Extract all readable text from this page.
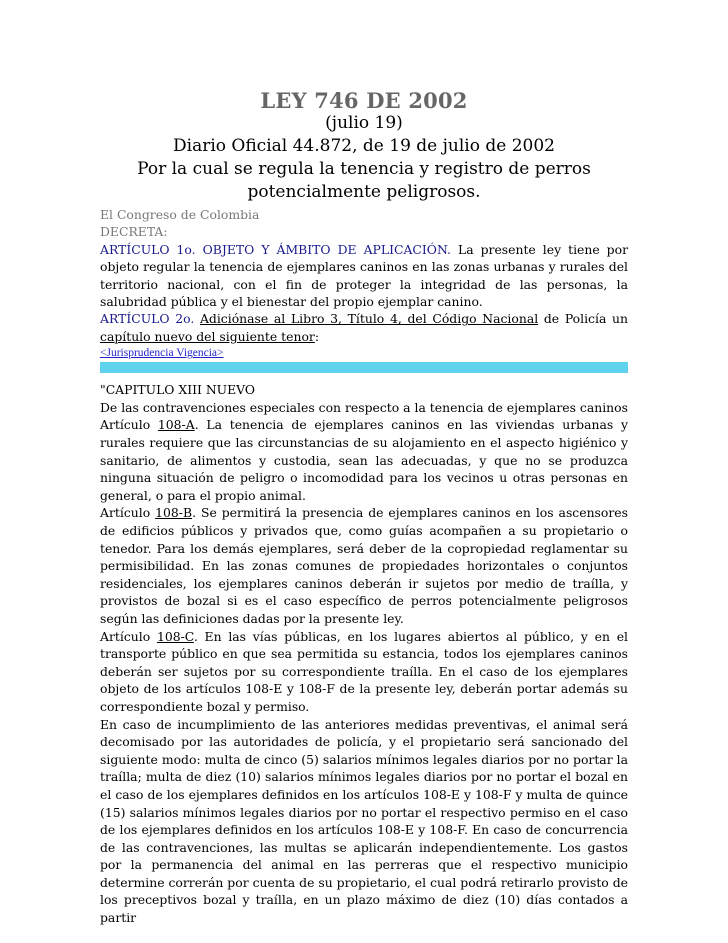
LEY 746 DE 2002
(julio 19)
Diario Oficial 44.872, de 19 de julio de 2002
Por la cual se regula la tenencia y registro de perros
potencialmente peligrosos.

El Congreso de Colombia

DECRETA:

ARTÍCULO 1o. OBJETO Y ÁMBITO DE APLICACIÓN. La presente ley tiene por objeto regular la tenencia de ejemplares caninos en las zonas urbanas y rurales del territorio nacional, con el fin de proteger la integridad de las personas, la salubridad pública y el bienestar del propio ejemplar canino.

ARTÍCULO 2o. Adiciónase al Libro 3, Título 4, del Código Nacional de Policía un capítulo nuevo del siguiente tenor:

<Jurisprudencia Vigencia>

"CAPITULO XIII NUEVO

De las contravenciones especiales con respecto a la tenencia de ejemplares caninos

Artículo 108-A. La tenencia de ejemplares caninos en las viviendas urbanas y rurales requiere que las circunstancias de su alojamiento en el aspecto higiénico y sanitario, de alimentos y custodia, sean las adecuadas, y que no se produzca ninguna situación de peligro o incomodidad para los vecinos u otras personas en general, o para el propio animal.

Artículo 108-B. Se permitirá la presencia de ejemplares caninos en los ascensores de edificios públicos y privados que, como guías acompañen a su propietario o tenedor. Para los demás ejemplares, será deber de la copropiedad reglamentar su permisibilidad. En las zonas comunes de propiedades horizontales o conjuntos residenciales, los ejemplares caninos deberán ir sujetos por medio de traílla, y provistos de bozal si es el caso específico de perros potencialmente peligrosos según las definiciones dadas por la presente ley.

Artículo 108-C. En las vías públicas, en los lugares abiertos al público, y en el transporte público en que sea permitida su estancia, todos los ejemplares caninos deberán ser sujetos por su correspondiente traílla. En el caso de los ejemplares objeto de los artículos 108-E y 108-F de la presente ley, deberán portar además su correspondiente bozal y permiso.

En caso de incumplimiento de las anteriores medidas preventivas, el animal será decomisado por las autoridades de policía, y el propietario será sancionado del siguiente modo: multa de cinco (5) salarios mínimos legales diarios por no portar la traílla; multa de diez (10) salarios mínimos legales diarios por no portar el bozal en el caso de los ejemplares definidos en los artículos 108-E y 108-F y multa de quince (15) salarios mínimos legales diarios por no portar el respectivo permiso en el caso de los ejemplares definidos en los artículos 108-E y 108-F. En caso de concurrencia de las contravenciones, las multas se aplicarán independientemente. Los gastos por la permanencia del animal en las perreras que el respectivo municipio determine correrán por cuenta de su propietario, el cual podrá retirarlo provisto de los preceptivos bozal y traílla, en un plazo máximo de diez (10) días contados a partir
